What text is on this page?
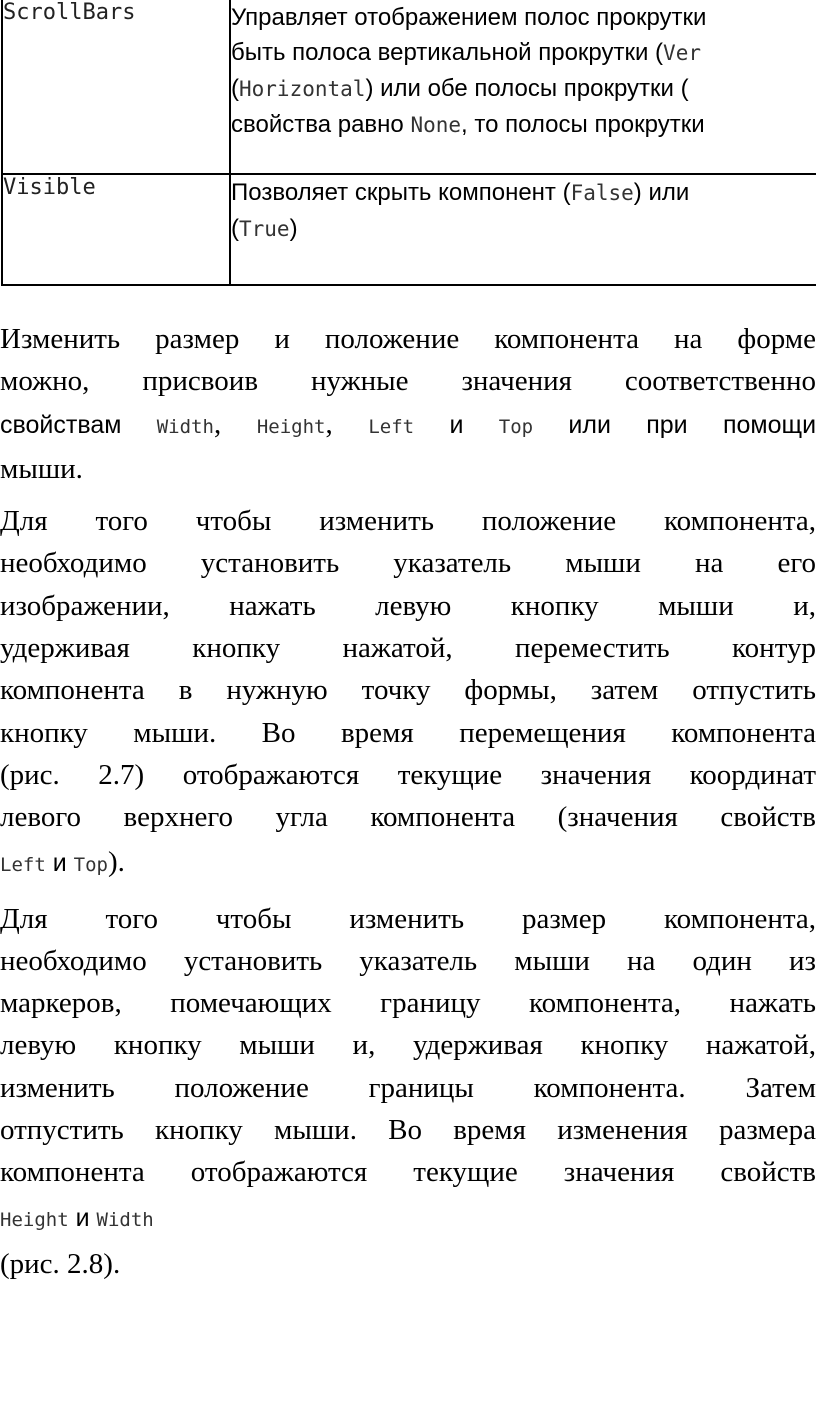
ScrollBars	Управляет отображением полос прокрутки
быть полоса вертикальной прокрутки (Ver
(Horizontal) или обе полосы прокрутки (
свойства равно None, то полосы прокрутки

Visible	Позволяет скрыть компонент (False) или
(True)
Изменить размер и положение компонента на форме
можно, присвоив нужные значения соответственно
свойствам Width, Height, Left и Top или при помощи
мыши.
Для того чтобы изменить положение компонента,
необходимо установить указатель мыши на его
изображении, нажать левую кнопку мыши и,
удерживая кнопку нажатой, переместить контур
компонента в нужную точку формы, затем отпустить
кнопку мыши. Во время перемещения компонента
(рис. 2.7) отображаются текущие значения координат
левого верхнего угла компонента (значения свойств
Left и Top).
Для того чтобы изменить размер компонента,
необходимо установить указатель мыши на один из
маркеров, помечающих границу компонента, нажать
левую кнопку мыши и, удерживая кнопку нажатой,
изменить положение границы компонента. Затем
отпустить кнопку мыши. Во время изменения размера
компонента отображаются текущие значения свойств
Height и Width
(рис. 2.8).
